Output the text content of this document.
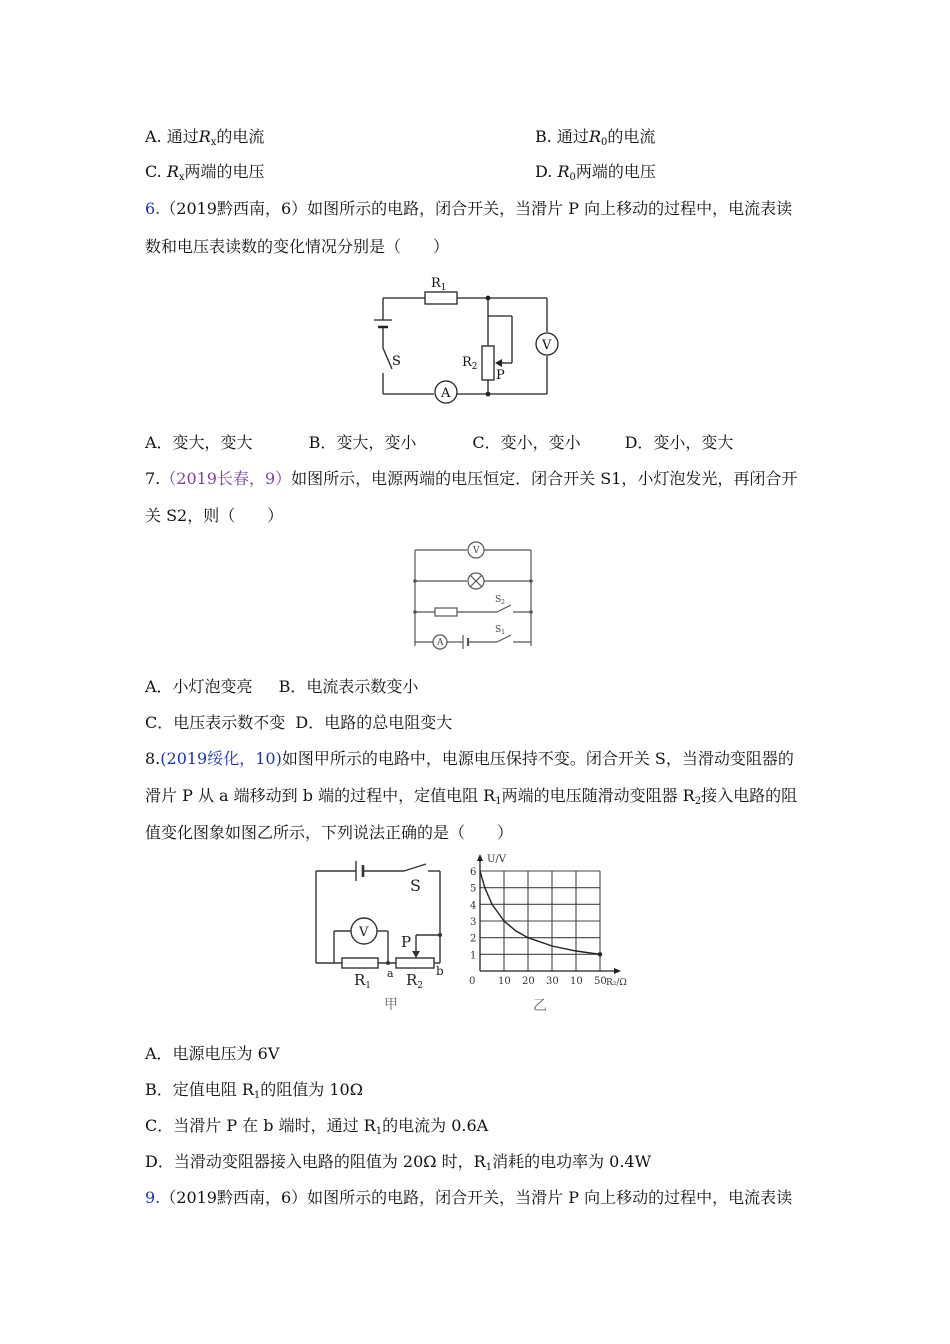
A. 通过$R_x$的电流	B. 通过$R_0$的电流
C. $R_x$两端的电压	D. $R_0$两端的电压
6.（2019黔西南，6）如图所示的电路，闭合开关，当滑片 P 向上移动的过程中，电流表读
数和电压表读数的变化情况分别是（　　）
$R_1$
$R_2$
P
S
V
A
A．变大，变大	B．变大，变小	C．变小，变小	D．变小，变大
7.（2019长春，9）如图所示，电源两端的电压恒定．闭合开关 S1，小灯泡发光，再闭合开
关 S2，则（　　）
V
A
$S_2$
$S_1$
A．小灯泡变亮 B．电流表示数变小
C．电压表示数不变 D．电路的总电阻变大
8.(2019绥化，10)如图甲所示的电路中，电源电压保持不变。闭合开关 S，当滑动变阻器的
滑片 P 从 a 端移动到 b 端的过程中，定值电阻 $R_1$两端的电压随滑动变阻器 $R_2$接入电路的阻
值变化图象如图乙所示，下列说法正确的是（　　）
S
V
P
$R_1$ $R_2$
a	b
甲
10 20 30 10 50
1
2
3
4
5
6
U/V
R₂/Ω
0
乙
A．电源电压为 6V
B．定值电阻 $R_1$的阻值为 10Ω
C．当滑片 P 在 b 端时，通过 $R_1$的电流为 0.6A
D．当滑动变阻器接入电路的阻值为 20Ω 时，$R_1$消耗的电功率为 0.4W
9.（2019黔西南，6）如图所示的电路，闭合开关，当滑片 P 向上移动的过程中，电流表读
